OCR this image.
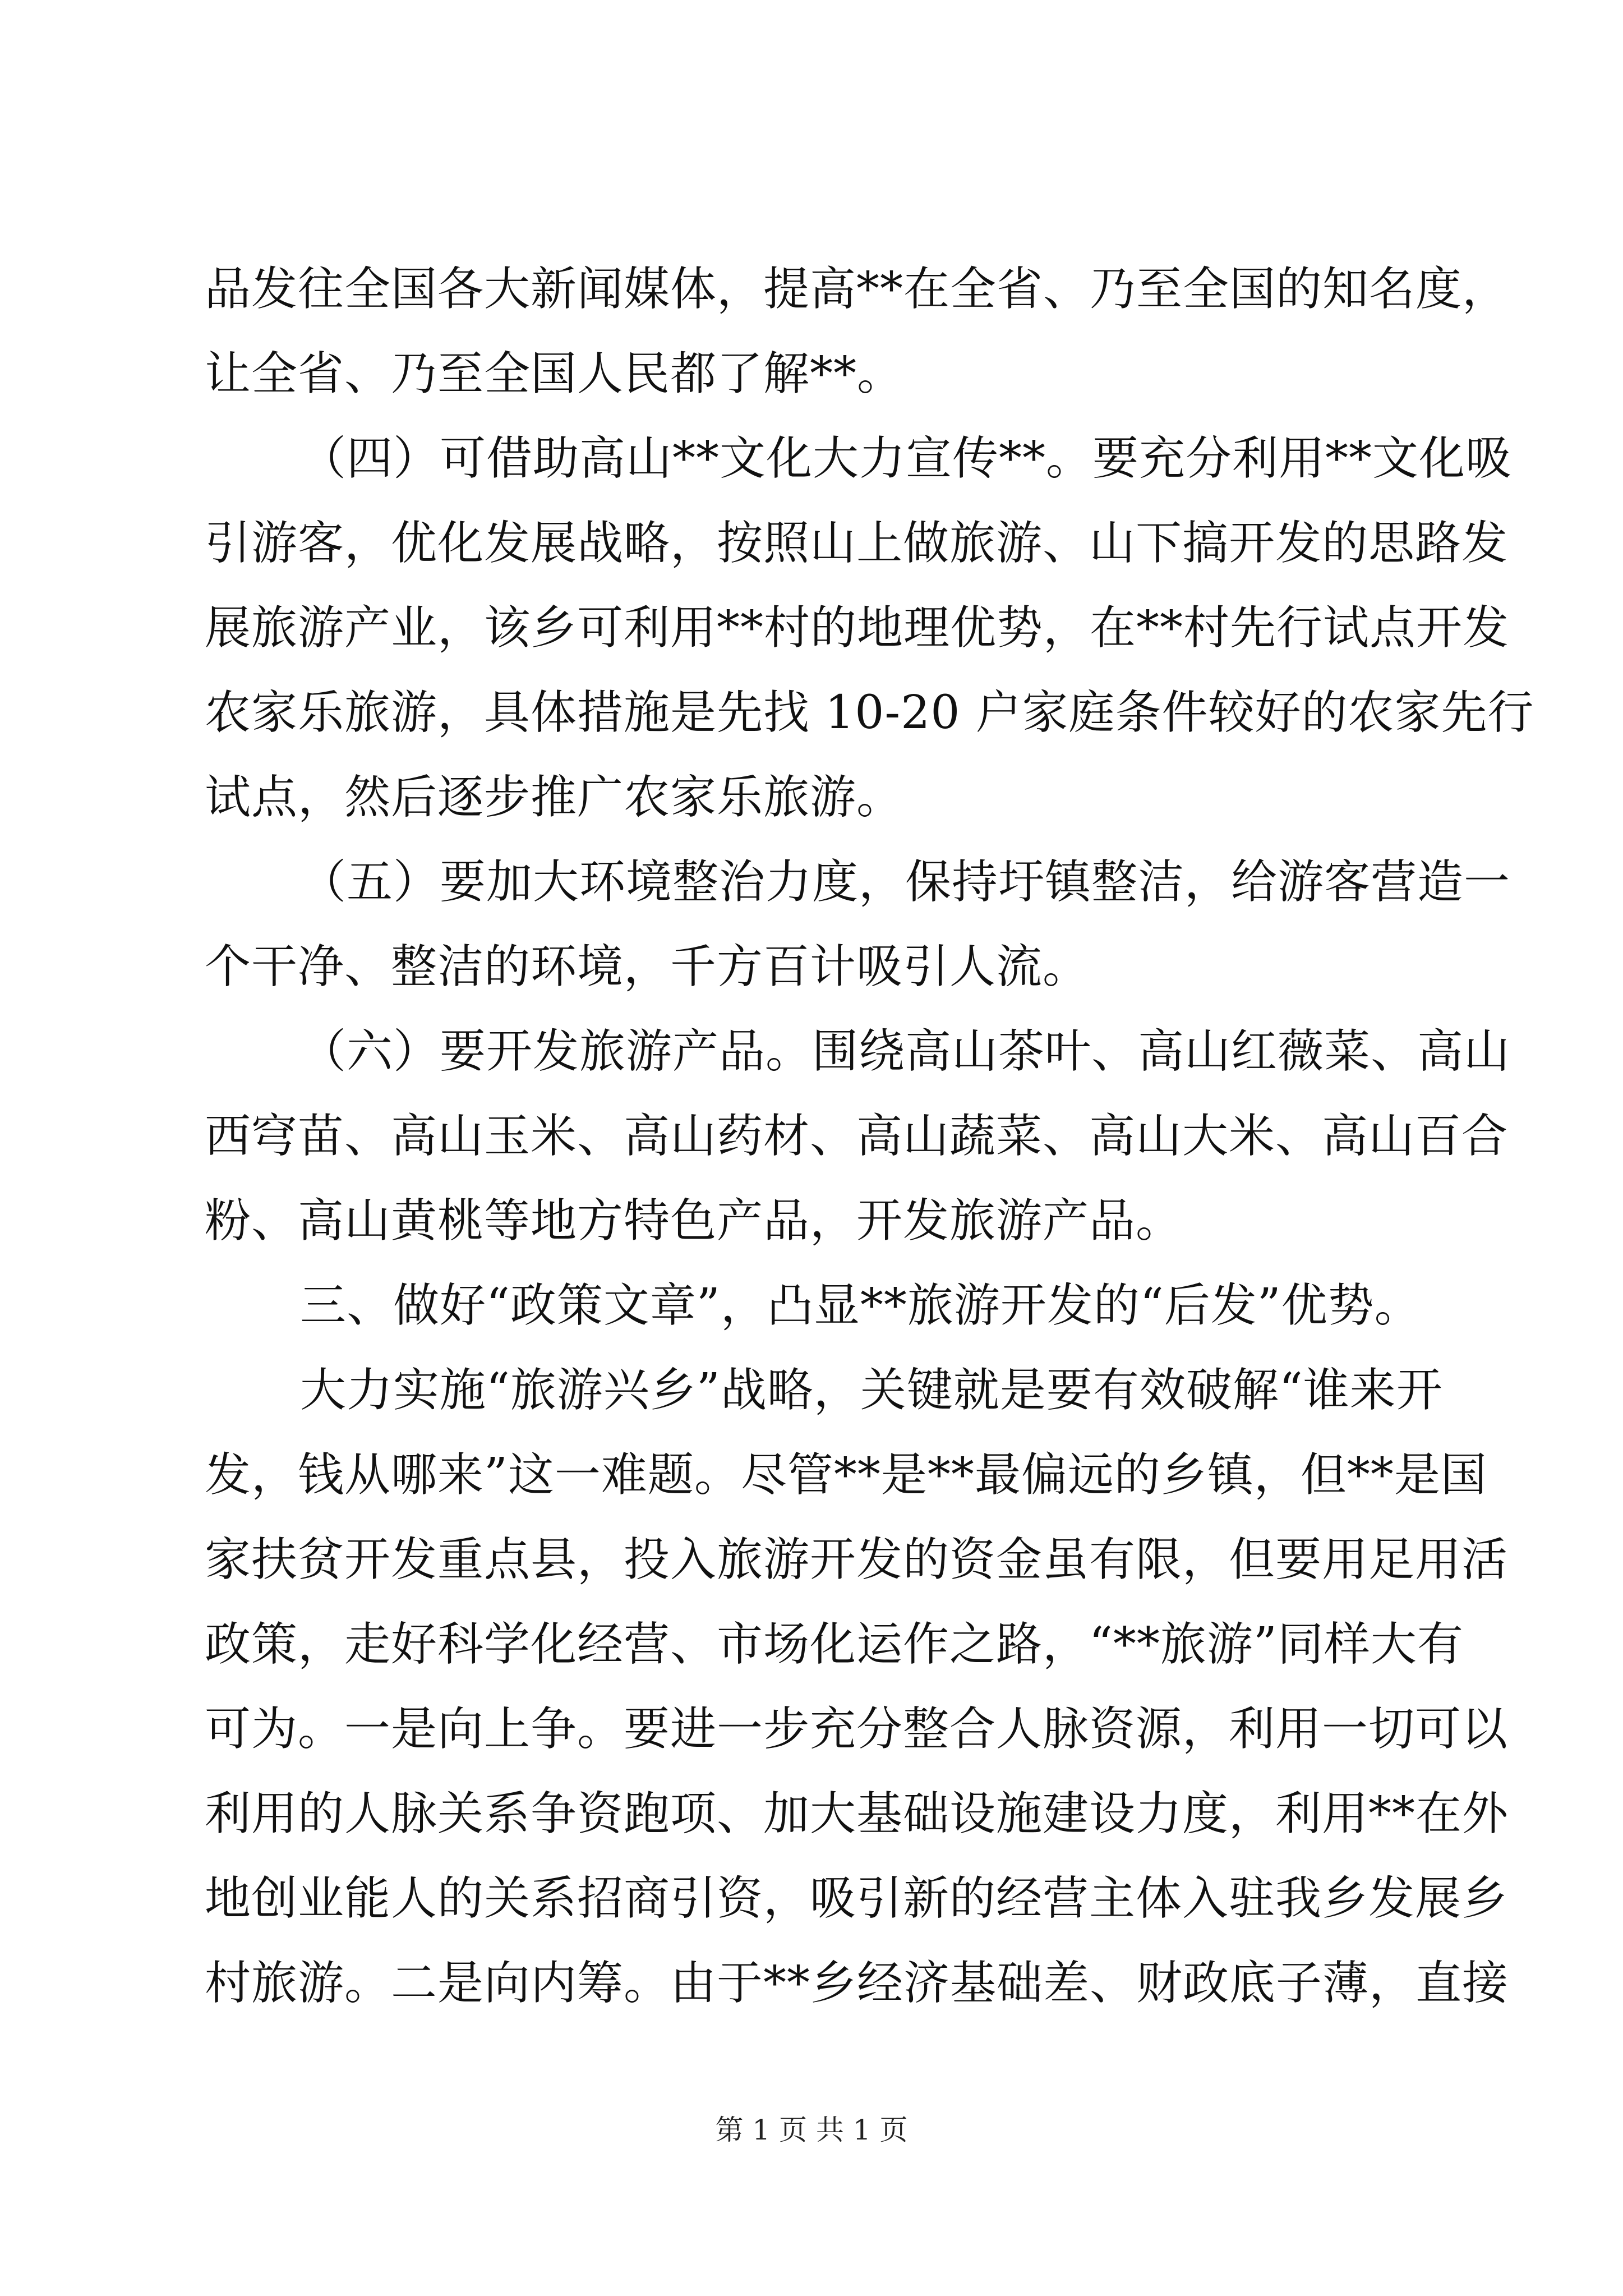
品发往全国各大新闻媒体，提高**在全省、乃至全国的知名度，
让全省、乃至全国人民都了解**。
（四）可借助高山**文化大力宣传**。要充分利用**文化吸
引游客，优化发展战略，按照山上做旅游、山下搞开发的思路发
展旅游产业，该乡可利用**村的地理优势，在**村先行试点开发
农家乐旅游，具体措施是先找 10-20 户家庭条件较好的农家先行
试点，然后逐步推广农家乐旅游。
（五）要加大环境整治力度，保持圩镇整洁，给游客营造一
个干净、整洁的环境，千方百计吸引人流。
（六）要开发旅游产品。围绕高山茶叶、高山红薇菜、高山
西穹苗、高山玉米、高山药材、高山蔬菜、高山大米、高山百合
粉、高山黄桃等地方特色产品，开发旅游产品。
三、做好“政策文章”，凸显**旅游开发的“后发”优势。
大力实施“旅游兴乡”战略，关键就是要有效破解“谁来开
发，钱从哪来”这一难题。尽管**是**最偏远的乡镇，但**是国
家扶贫开发重点县，投入旅游开发的资金虽有限，但要用足用活
政策，走好科学化经营、市场化运作之路，“**旅游”同样大有
可为。一是向上争。要进一步充分整合人脉资源，利用一切可以
利用的人脉关系争资跑项、加大基础设施建设力度，利用**在外
地创业能人的关系招商引资，吸引新的经营主体入驻我乡发展乡
村旅游。二是向内筹。由于**乡经济基础差、财政底子薄，直接
第 1 页 共 1 页
